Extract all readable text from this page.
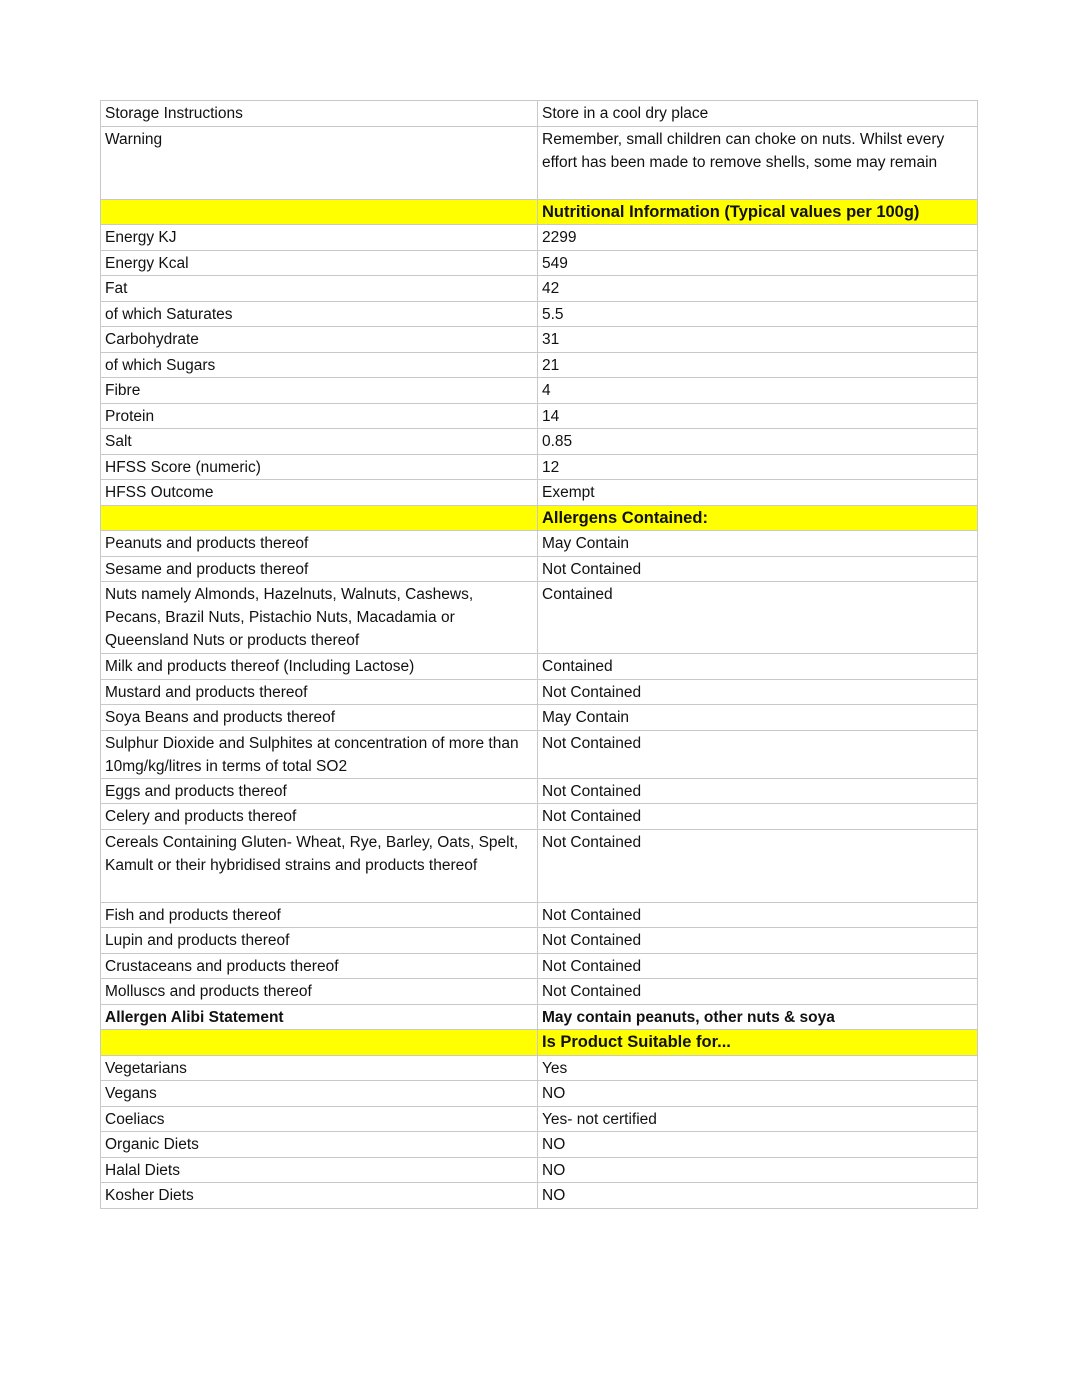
Storage Instructions	Store in a cool dry place
Warning	Remember, small children can choke on nuts. Whilst every effort has been made to remove shells, some may remain
	Nutritional Information (Typical values per 100g)
Energy KJ	2299
Energy Kcal	549
Fat	42
of which Saturates	5.5
Carbohydrate	31
of which Sugars	21
Fibre	4
Protein	14
Salt	0.85
HFSS Score (numeric)	12
HFSS Outcome	Exempt
	Allergens Contained:
Peanuts and products thereof	May Contain
Sesame and products thereof	Not Contained
Nuts namely Almonds, Hazelnuts, Walnuts, Cashews, Pecans, Brazil Nuts, Pistachio Nuts, Macadamia or Queensland Nuts or products thereof	Contained
Milk and products thereof (Including Lactose)	Contained
Mustard and products thereof	Not Contained
Soya Beans and products thereof	May Contain
Sulphur Dioxide and Sulphites at concentration of more than 10mg/kg/litres in terms of total SO2	Not Contained
Eggs and products thereof	Not Contained
Celery and products thereof	Not Contained
Cereals Containing Gluten- Wheat, Rye, Barley, Oats, Spelt, Kamult or their hybridised strains and products thereof	Not Contained
Fish and products thereof	Not Contained
Lupin and products thereof	Not Contained
Crustaceans and products thereof	Not Contained
Molluscs and products thereof	Not Contained
Allergen Alibi Statement	May contain peanuts, other nuts & soya
	Is Product Suitable for...
Vegetarians	Yes
Vegans	NO
Coeliacs	Yes- not certified
Organic Diets	NO
Halal Diets	NO
Kosher Diets	NO
